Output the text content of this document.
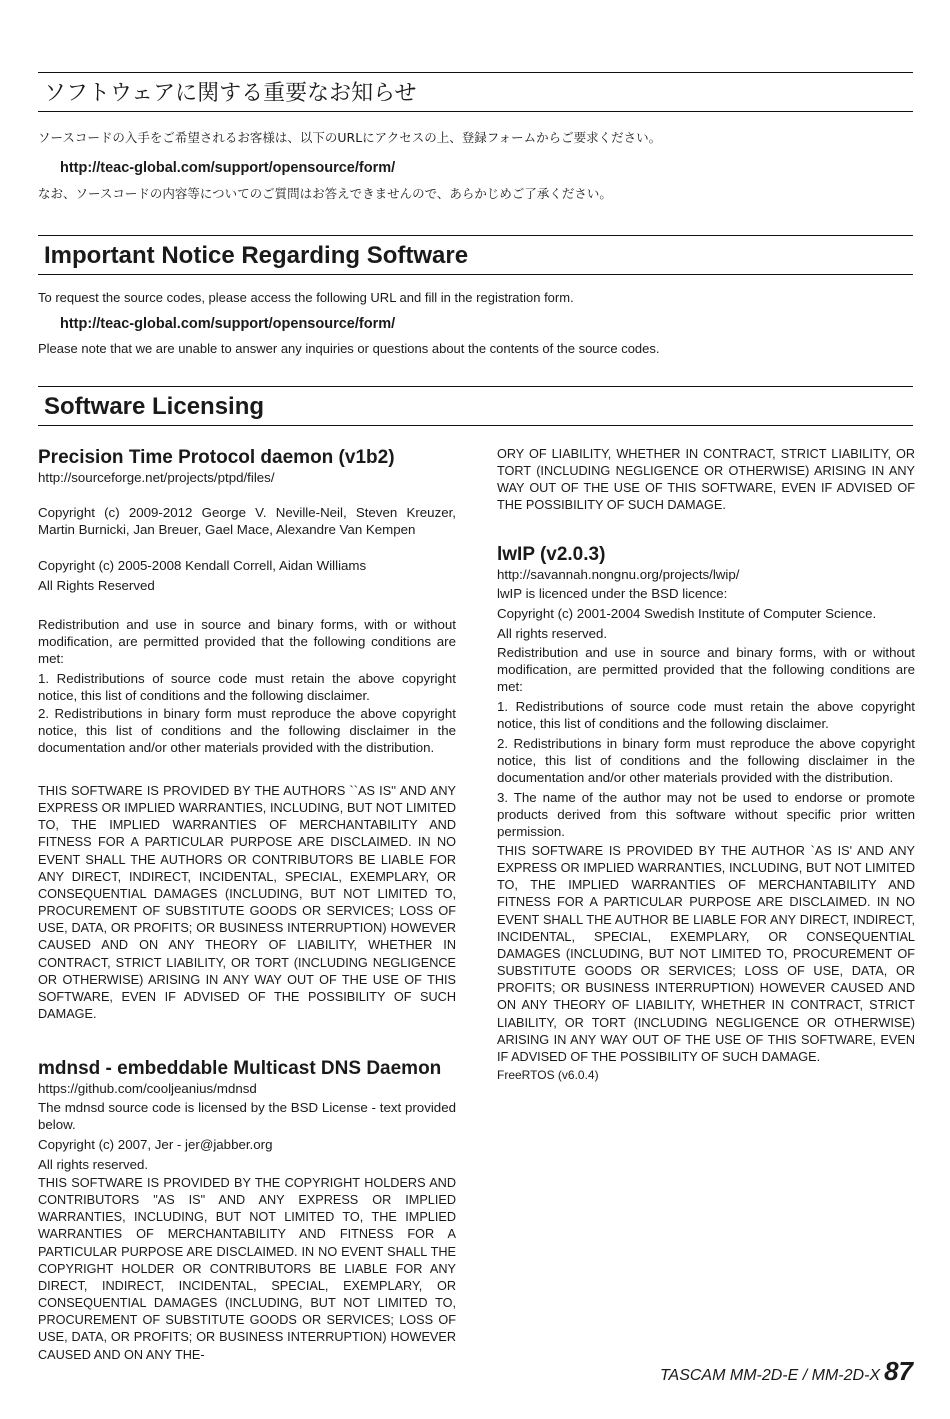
ソフトウェアに関する重要なお知らせ

ソースコードの入手をご希望されるお客様は、以下のURLにアクセスの上、登録フォームからご要求ください。

http://teac-global.com/support/opensource/form/

なお、ソースコードの内容等についてのご質問はお答えできませんので、あらかじめご了承ください。

Important Notice Regarding Software

To request the source codes, please access the following URL and fill in the registration form.

http://teac-global.com/support/opensource/form/

Please note that we are unable to answer any inquiries or questions about the contents of the source codes.

Software Licensing
Precision Time Protocol daemon (v1b2)

http://sourceforge.net/projects/ptpd/files/

Copyright (c) 2009-2012 George V. Neville-Neil, Steven Kreuzer, Martin Burnicki, Jan Breuer, Gael Mace, Alexandre Van Kempen

Copyright (c) 2005-2008 Kendall Correll, Aidan Williams

All Rights Reserved

Redistribution and use in source and binary forms, with or without modification, are permitted provided that the following conditions are met:

1. Redistributions of source code must retain the above copyright notice, this list of conditions and the following disclaimer.

2. Redistributions in binary form must reproduce the above copyright notice, this list of conditions and the following disclaimer in the documentation and/or other materials provided with the distribution.

THIS SOFTWARE IS PROVIDED BY THE AUTHORS ``AS IS'' AND ANY EXPRESS OR IMPLIED WARRANTIES, INCLUDING, BUT NOT LIMITED TO, THE IMPLIED WARRANTIES OF MERCHANTABILITY AND FITNESS FOR A PARTICULAR PURPOSE ARE DISCLAIMED. IN NO EVENT SHALL THE AUTHORS OR CONTRIBUTORS BE LIABLE FOR ANY DIRECT, INDIRECT, INCIDENTAL, SPECIAL, EXEMPLARY, OR CONSEQUENTIAL DAMAGES (INCLUDING, BUT NOT LIMITED TO, PROCUREMENT OF SUBSTITUTE GOODS OR SERVICES; LOSS OF USE, DATA, OR PROFITS; OR BUSINESS INTERRUPTION) HOWEVER CAUSED AND ON ANY THEORY OF LIABILITY, WHETHER IN CONTRACT, STRICT LIABILITY, OR TORT (INCLUDING NEGLIGENCE OR OTHERWISE) ARISING IN ANY WAY OUT OF THE USE OF THIS SOFTWARE, EVEN IF ADVISED OF THE POSSIBILITY OF SUCH DAMAGE.

mdnsd - embeddable Multicast DNS Daemon

https://github.com/cooljeanius/mdnsd

The mdnsd source code is licensed by the BSD License - text provided below.

Copyright (c) 2007, Jer - jer@jabber.org

All rights reserved.

THIS SOFTWARE IS PROVIDED BY THE COPYRIGHT HOLDERS AND CONTRIBUTORS "AS IS" AND ANY EXPRESS OR IMPLIED WARRANTIES, INCLUDING, BUT NOT LIMITED TO, THE IMPLIED WARRANTIES OF MERCHANTABILITY AND FITNESS FOR A PARTICULAR PURPOSE ARE DISCLAIMED. IN NO EVENT SHALL THE COPYRIGHT HOLDER OR CONTRIBUTORS BE LIABLE FOR ANY DIRECT, INDIRECT, INCIDENTAL, SPECIAL, EXEMPLARY, OR CONSEQUENTIAL DAMAGES (INCLUDING, BUT NOT LIMITED TO, PROCUREMENT OF SUBSTITUTE GOODS OR SERVICES; LOSS OF USE, DATA, OR PROFITS; OR BUSINESS INTERRUPTION) HOWEVER CAUSED AND ON ANY THE-

ORY OF LIABILITY, WHETHER IN CONTRACT, STRICT LIABILITY, OR TORT (INCLUDING NEGLIGENCE OR OTHERWISE) ARISING IN ANY WAY OUT OF THE USE OF THIS SOFTWARE, EVEN IF ADVISED OF THE POSSIBILITY OF SUCH DAMAGE.

lwIP (v2.0.3)

http://savannah.nongnu.org/projects/lwip/

lwIP is licenced under the BSD licence:

Copyright (c) 2001-2004 Swedish Institute of Computer Science.

All rights reserved.

Redistribution and use in source and binary forms, with or without modification, are permitted provided that the following conditions are met:

1. Redistributions of source code must retain the above copyright notice, this list of conditions and the following disclaimer.

2. Redistributions in binary form must reproduce the above copyright notice, this list of conditions and the following disclaimer in the documentation and/or other materials provided with the distribution.

3. The name of the author may not be used to endorse or promote products derived from this software without specific prior written permission.

THIS SOFTWARE IS PROVIDED BY THE AUTHOR `AS IS' AND ANY EXPRESS OR IMPLIED WARRANTIES, INCLUDING, BUT NOT LIMITED TO, THE IMPLIED WARRANTIES OF MERCHANTABILITY AND FITNESS FOR A PARTICULAR PURPOSE ARE DISCLAIMED. IN NO EVENT SHALL THE AUTHOR BE LIABLE FOR ANY DIRECT, INDIRECT, INCIDENTAL, SPECIAL, EXEMPLARY, OR CONSEQUENTIAL DAMAGES (INCLUDING, BUT NOT LIMITED TO, PROCUREMENT OF SUBSTITUTE GOODS OR SERVICES; LOSS OF USE, DATA, OR PROFITS; OR BUSINESS INTERRUPTION) HOWEVER CAUSED AND ON ANY THEORY OF LIABILITY, WHETHER IN CONTRACT, STRICT LIABILITY, OR TORT (INCLUDING NEGLIGENCE OR OTHERWISE) ARISING IN ANY WAY OUT OF THE USE OF THIS SOFTWARE, EVEN IF ADVISED OF THE POSSIBILITY OF SUCH DAMAGE.

FreeRTOS (v6.0.4)

TASCAM MM-2D-E / MM-2D-X 87
